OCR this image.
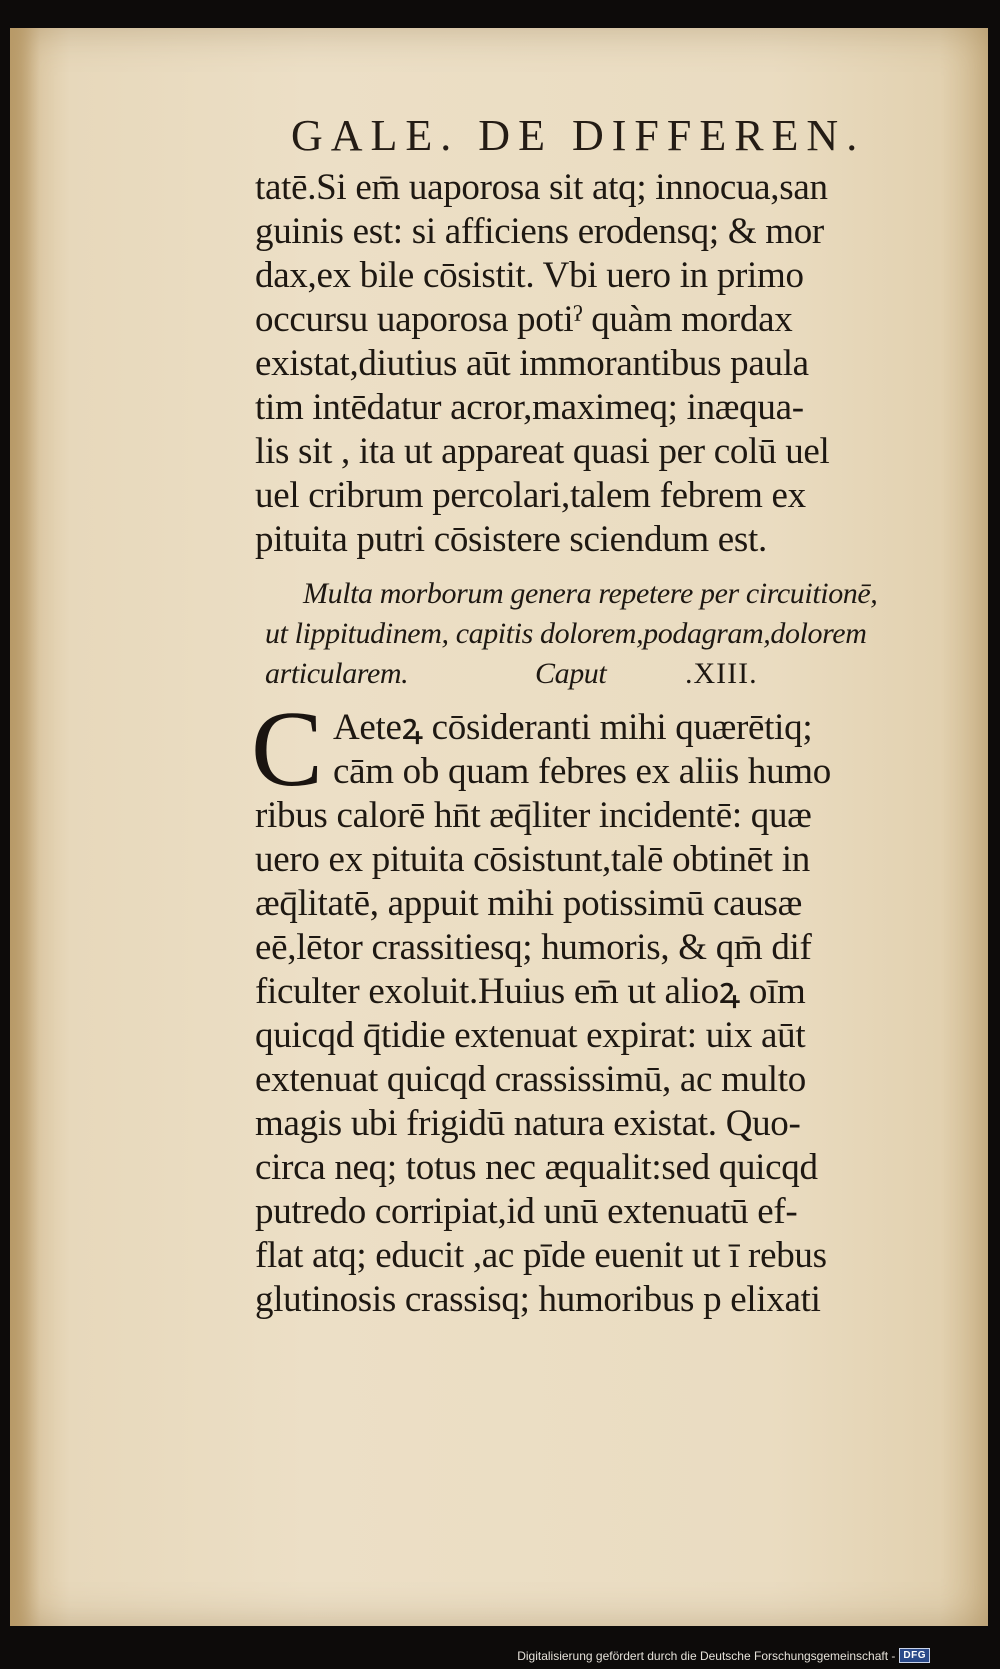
GALE. DE DIFFEREN.
tatē.Si em̄ uaporosa sit atq; innocua,san
guinis est: si afficiens erodensq; & mor
dax,ex bile cōsistit. Vbi uero in primo
occursu uaporosa potiˀ quàm mordax
existat,diutius aūt immorantibus paula
tim intēdatur acror,maximeq; inæqua-
lis sit , ita ut appareat quasi per colū uel
uel cribrum percolari,talem febrem ex
pituita putri cōsistere sciendum est.
Multa morborum genera repetere per circuitionē,
ut lippitudinem, capitis dolorem,podagram,dolorem
articularem.	Caput	.XIII.
C Aeteꝝ cōsideranti mihi quærētiq;
cām ob quam febres ex aliis humo
ribus calorē hn̄t æq̄liter incidentē: quæ
uero ex pituita cōsistunt,talē obtinēt in
æq̄litatē, appuit mihi potissimū causæ
eē,lētor crassitiesq; humoris, & qm̄ dif
ficulter exoluit.Huius em̄ ut alioꝝ oīm
quicqd q̄tidie extenuat expirat: uix aūt
extenuat quicqd crassissimū, ac multo
magis ubi frigidū natura existat. Quo-
circa neq; totus nec æqualit:sed quicqd
putredo corripiat,id unū extenuatū ef-
flat atq; educit ,ac pīde euenit ut ī rebus
glutinosis crassisq; humoribus p elixati
Digitalisierung gefördert durch die Deutsche Forschungsgemeinschaft - DFG
